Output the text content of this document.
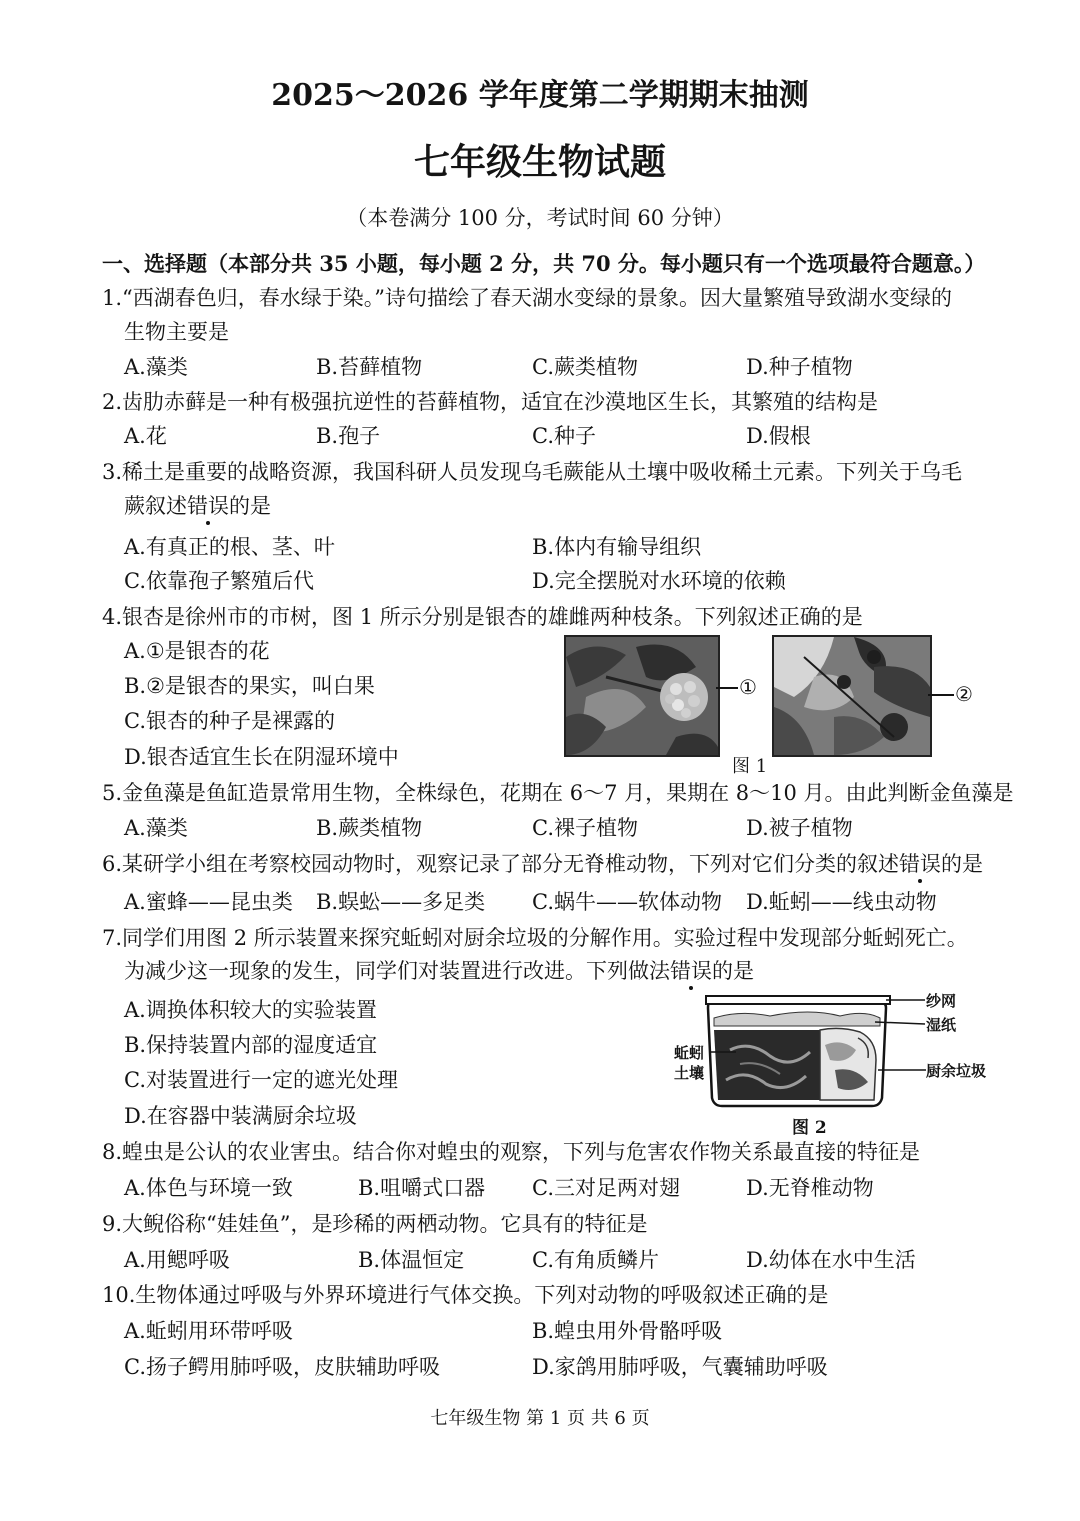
2025～2026 学年度第二学期期末抽测
七年级生物试题
（本卷满分 100 分，考试时间 60 分钟）
一、选择题（本部分共 35 小题，每小题 2 分，共 70 分。每小题只有一个选项最符合题意。）
1.“西湖春色归，春水绿于染。”诗句描绘了春天湖水变绿的景象。因大量繁殖导致湖水变绿的
生物主要是
A.藻类	B.苔藓植物	C.蕨类植物	D.种子植物
2.齿肋赤藓是一种有极强抗逆性的苔藓植物，适宜在沙漠地区生长，其繁殖的结构是
A.花	B.孢子	C.种子	D.假根
3.稀土是重要的战略资源，我国科研人员发现乌毛蕨能从土壤中吸收稀土元素。下列关于乌毛
蕨叙述错误的是
A.有真正的根、茎、叶	B.体内有输导组织
C.依靠孢子繁殖后代	D.完全摆脱对水环境的依赖
4.银杏是徐州市的市树，图 1 所示分别是银杏的雄雌两种枝条。下列叙述正确的是
A.①是银杏的花
B.②是银杏的果实，叫白果
C.银杏的种子是裸露的
D.银杏适宜生长在阴湿环境中
①	②
图 1
5.金鱼藻是鱼缸造景常用生物，全株绿色，花期在 6～7 月，果期在 8～10 月。由此判断金鱼藻是
A.藻类	B.蕨类植物	C.裸子植物	D.被子植物
6.某研学小组在考察校园动物时，观察记录了部分无脊椎动物，下列对它们分类的叙述错误的是
A.蜜蜂——昆虫类 B.蜈蚣——多足类 C.蜗牛——软体动物 D.蚯蚓——线虫动物
7.同学们用图 2 所示装置来探究蚯蚓对厨余垃圾的分解作用。实验过程中发现部分蚯蚓死亡。
为减少这一现象的发生，同学们对装置进行改进。下列做法错误的是
A.调换体积较大的实验装置
B.保持装置内部的湿度适宜
C.对装置进行一定的遮光处理
D.在容器中装满厨余垃圾
纱网
湿纸
蚯蚓
土壤	厨余垃圾
图 2
8.蝗虫是公认的农业害虫。结合你对蝗虫的观察，下列与危害农作物关系最直接的特征是
A.体色与环境一致	B.咀嚼式口器 C.三对足两对翅	D.无脊椎动物
9.大鲵俗称“娃娃鱼”，是珍稀的两栖动物。它具有的特征是
A.用鳃呼吸	B.体温恒定	C.有角质鳞片	D.幼体在水中生活
10.生物体通过呼吸与外界环境进行气体交换。下列对动物的呼吸叙述正确的是
A.蚯蚓用环带呼吸	B.蝗虫用外骨骼呼吸
C.扬子鳄用肺呼吸，皮肤辅助呼吸	D.家鸽用肺呼吸，气囊辅助呼吸
七年级生物 第 1 页 共 6 页
